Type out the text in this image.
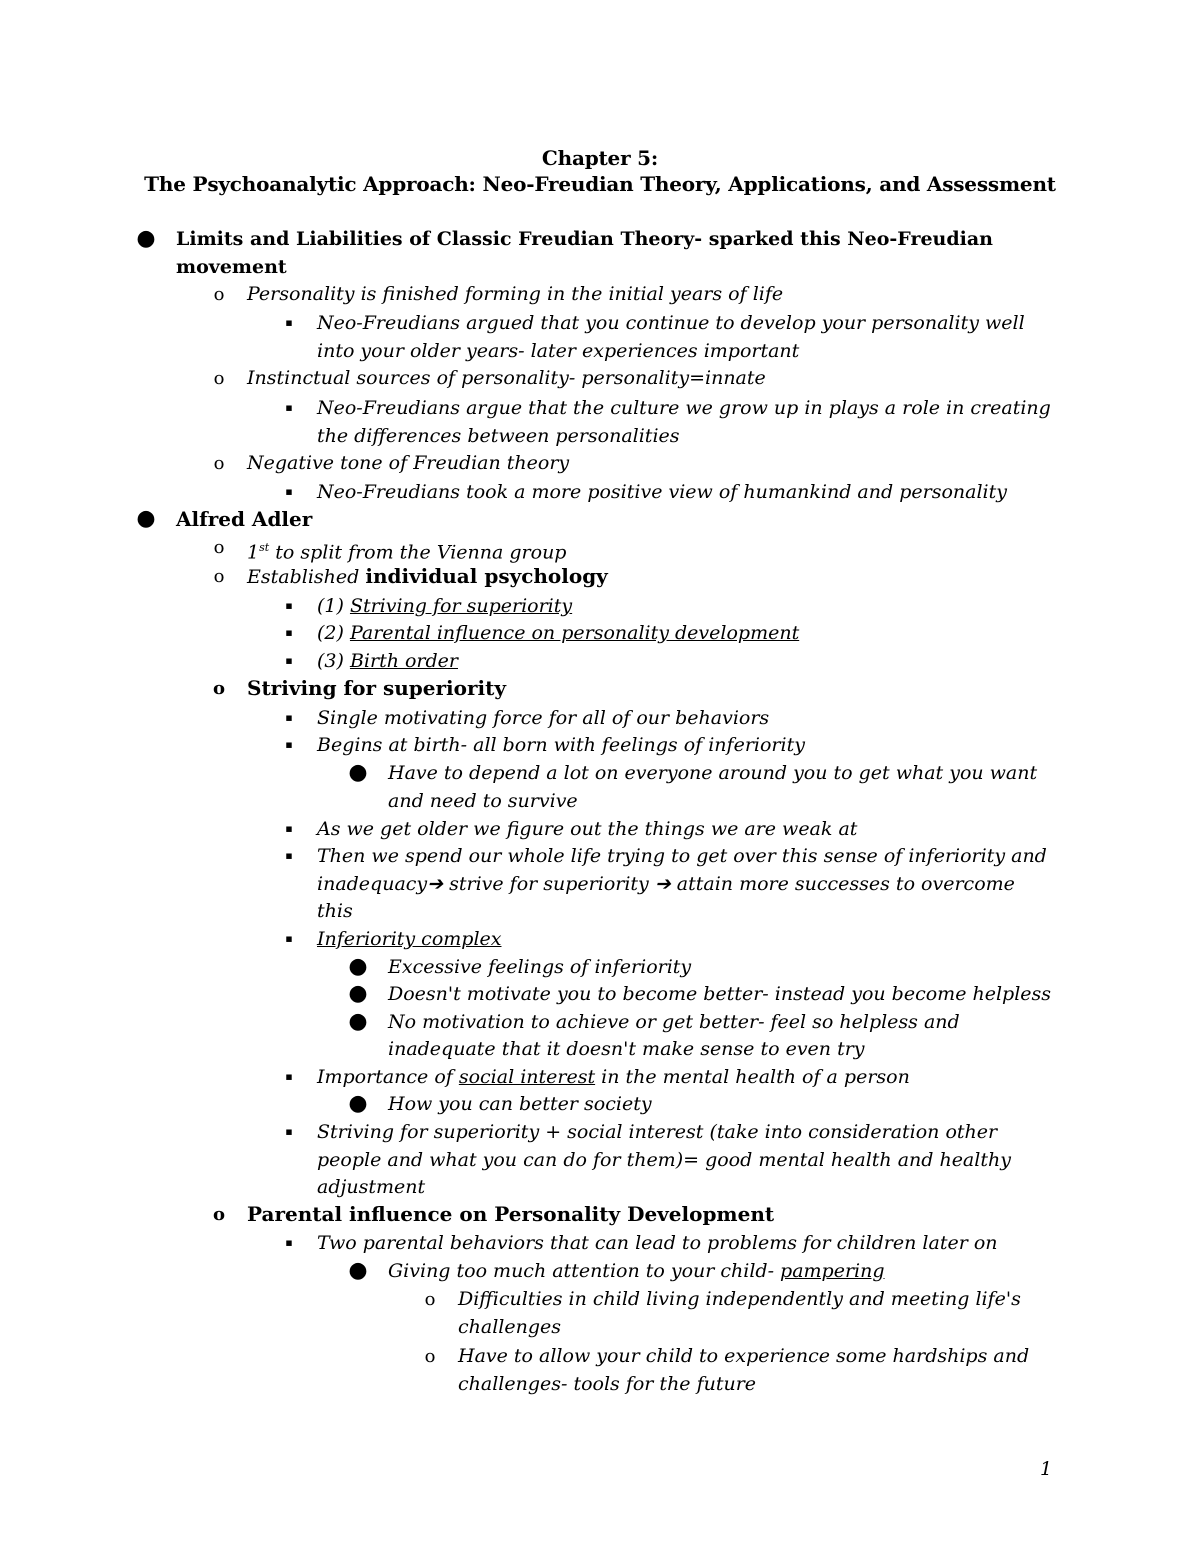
Chapter 5:
The Psychoanalytic Approach: Neo-Freudian Theory, Applications, and Assessment
● Limits and Liabilities of Classic Freudian Theory- sparked this Neo-Freudian
movement
o	Personality is finished forming in the initial years of life
▪	Neo-Freudians argued that you continue to develop your personality well
into your older years- later experiences important
o	Instinctual sources of personality- personality=innate
▪	Neo-Freudians argue that the culture we grow up in plays a role in creating
the differences between personalities
o	Negative tone of Freudian theory
▪	Neo-Freudians took a more positive view of humankind and personality
● Alfred Adler
o	1st to split from the Vienna group
o	Established individual psychology
▪	(1) Striving for superiority
▪	(2) Parental influence on personality development
▪	(3) Birth order
o	Striving for superiority
▪	Single motivating force for all of our behaviors
▪	Begins at birth- all born with feelings of inferiority
● Have to depend a lot on everyone around you to get what you want
and need to survive
▪	As we get older we figure out the things we are weak at
▪	Then we spend our whole life trying to get over this sense of inferiority and
inadequacy➔ strive for superiority ➔ attain more successes to overcome
this
▪	Inferiority complex
● Excessive feelings of inferiority
● Doesn't motivate you to become better- instead you become helpless
● No motivation to achieve or get better- feel so helpless and
inadequate that it doesn't make sense to even try
▪	Importance of social interest in the mental health of a person
● How you can better society
▪	Striving for superiority + social interest (take into consideration other
people and what you can do for them)= good mental health and healthy
adjustment
o	Parental influence on Personality Development
▪	Two parental behaviors that can lead to problems for children later on
● Giving too much attention to your child- pampering
o	Difficulties in child living independently and meeting life's
challenges
o	Have to allow your child to experience some hardships and
challenges- tools for the future
1
